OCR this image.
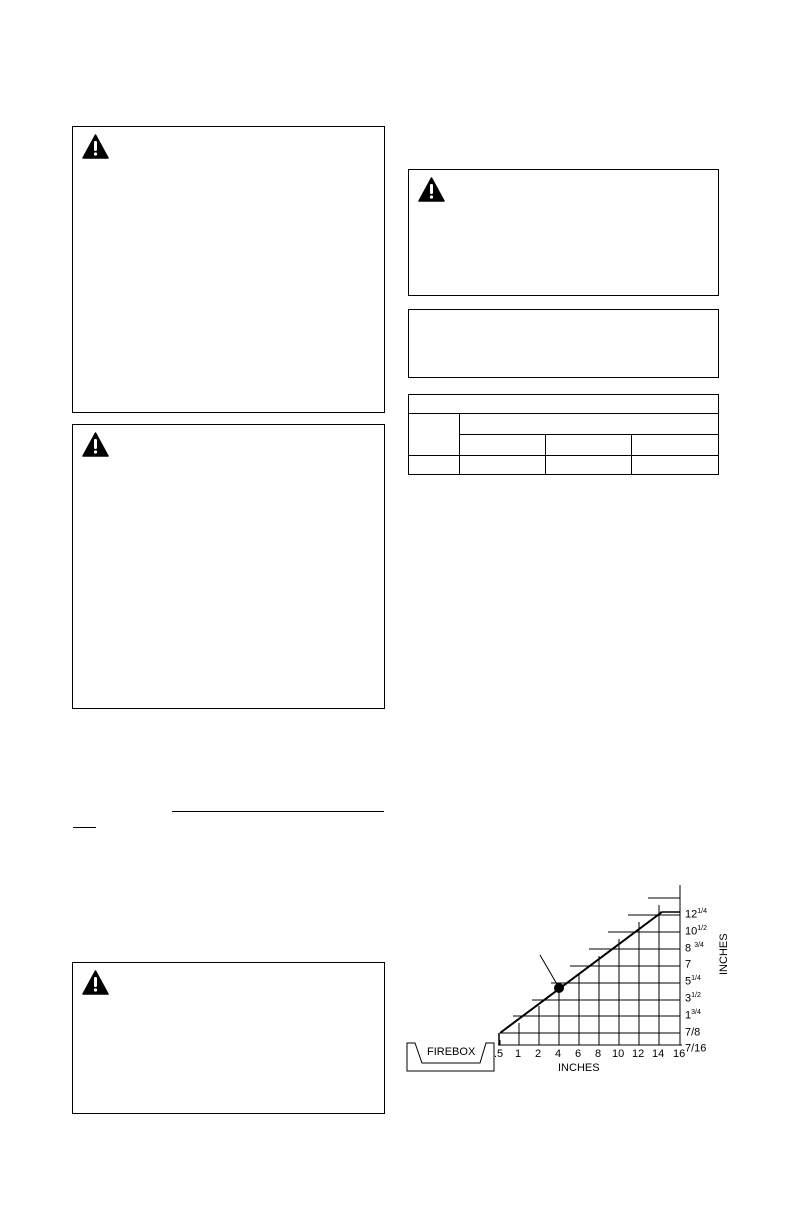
FIREBOX .5 1 2 4 6 8 10 12 14 16
INCHES
$12^{1/4}$
$10^{1/2}$
8 $^{3/4}$
7
$5^{1/4}$
$3^{1/2}$
$1^{3/4}$
7/8
7/16
INCHES
